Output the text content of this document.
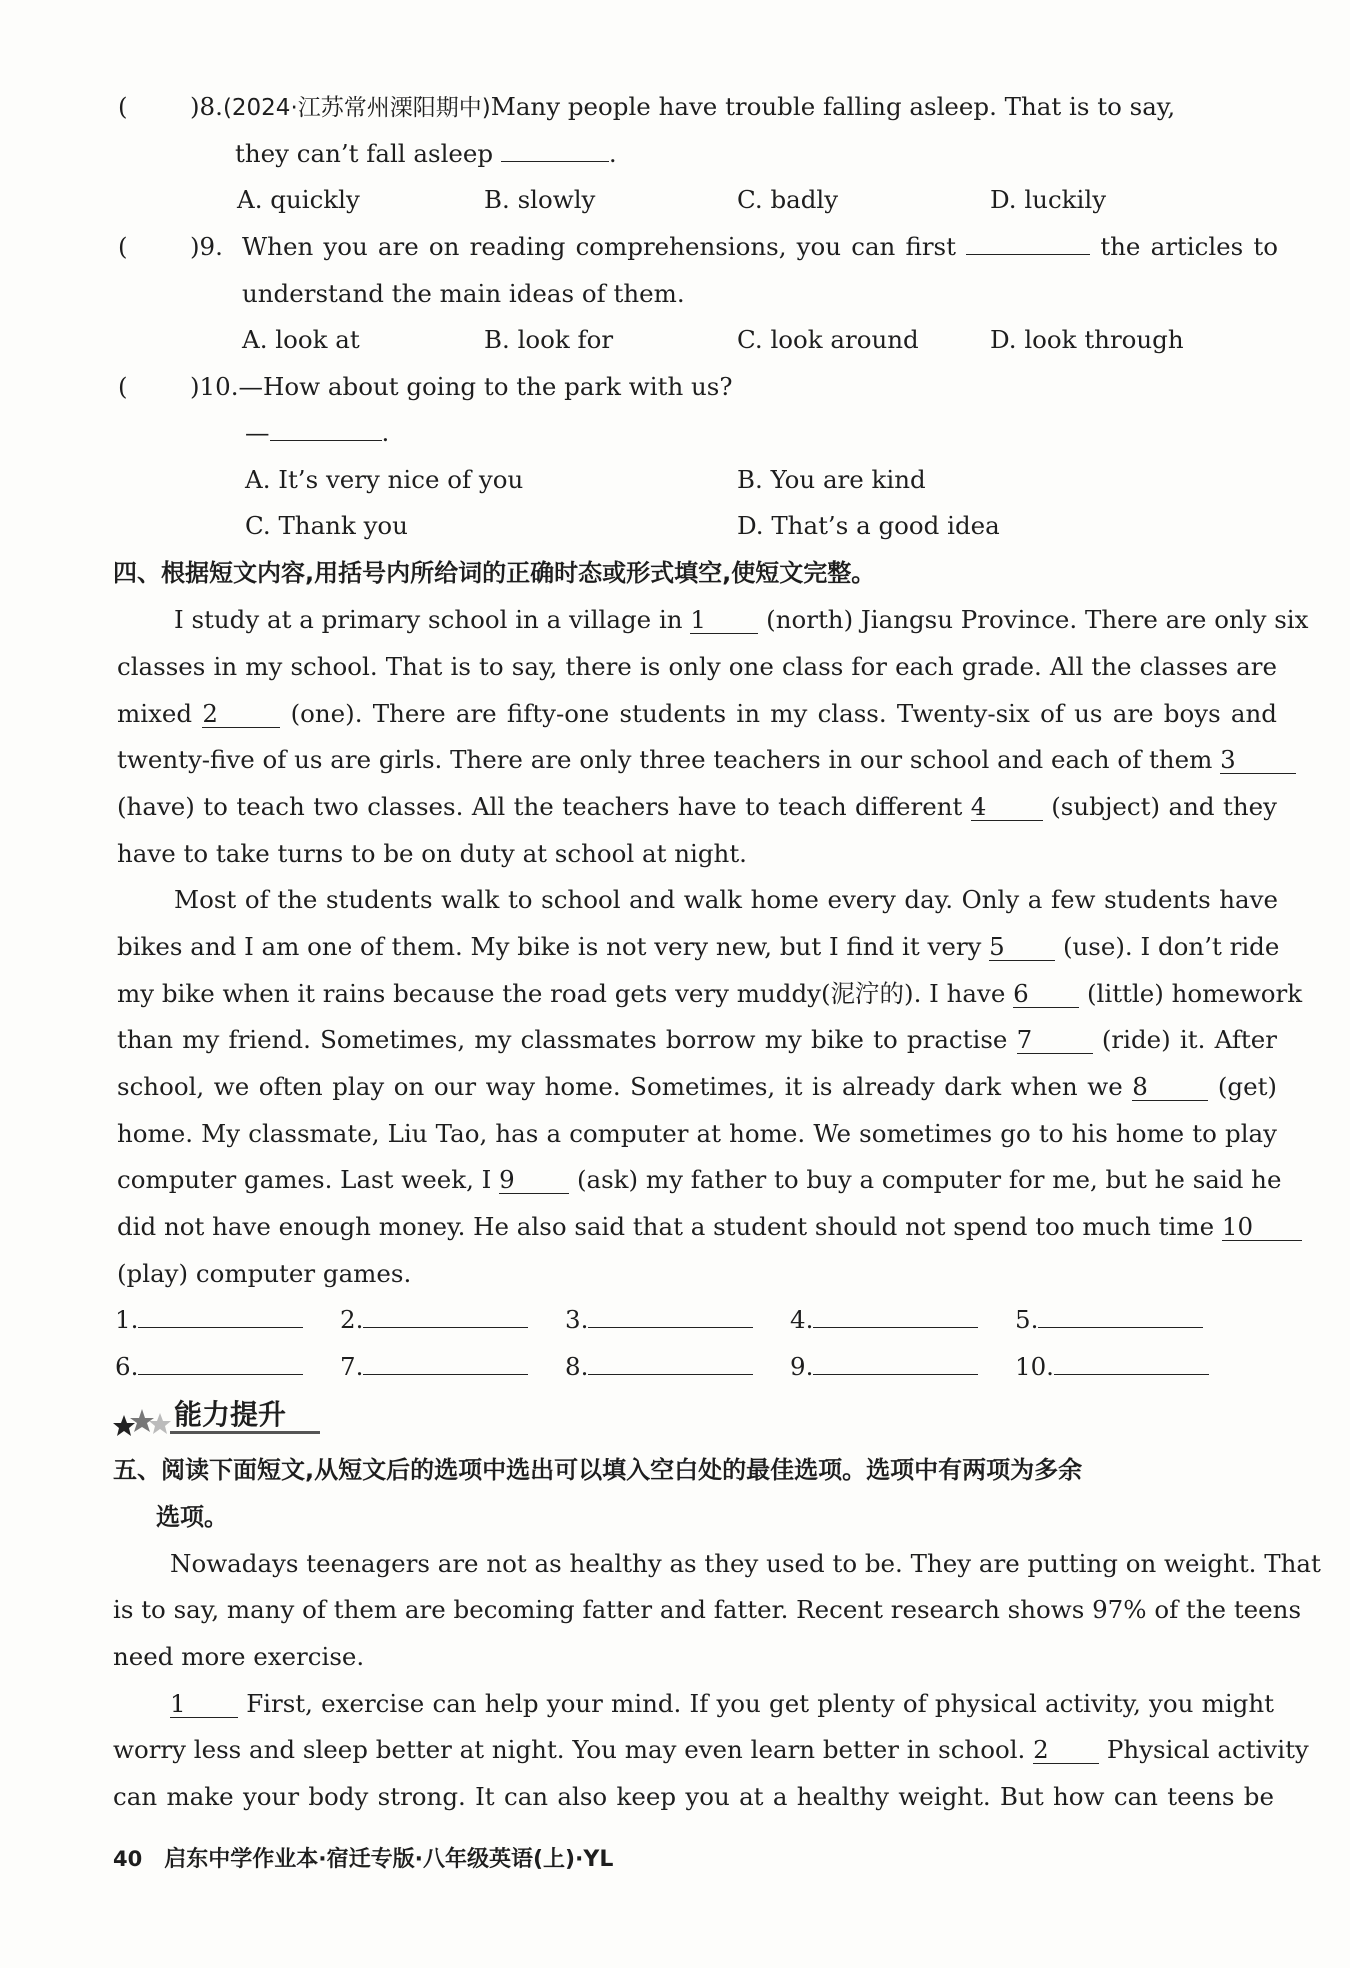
(	)8.(2024·江苏常州溧阳期中)Many people have trouble falling asleep. That is to say,
they can’t fall asleep	.
A. quickly	B. slowly	C. badly	D. luckily
(	)9. When you are on reading comprehensions, you can first	the articles to
understand the main ideas of them.
A. look at	B. look for	C. look around	D. look through
(	)10.—How about going to the park with us?
—	.
A. It’s very nice of you	B. You are kind
C. Thank you	D. That’s a good idea
四、根据短文内容,用括号内所给词的正确时态或形式填空,使短文完整。
I study at a primary school in a village in 1 (north) Jiangsu Province. There are only six
classes in my school. That is to say, there is only one class for each grade. All the classes are
mixed 2	(one). There are fifty-one students in my class. Twenty-six of us are boys and
twenty-five of us are girls. There are only three teachers in our school and each of them 3
(have) to teach two classes. All the teachers have to teach different 4	(subject) and they
have to take turns to be on duty at school at night.
Most of the students walk to school and walk home every day. Only a few students have
bikes and I am one of them. My bike is not very new, but I find it very 5 (use). I don’t ride
my bike when it rains because the road gets very muddy(泥泞的). I have 6 (little) homework
than my friend. Sometimes, my classmates borrow my bike to practise 7	(ride) it. After
school, we often play on our way home. Sometimes, it is already dark when we 8	(get)
home. My classmate, Liu Tao, has a computer at home. We sometimes go to his home to play
computer games. Last week, I 9	(ask) my father to buy a computer for me, but he said he
did not have enough money. He also said that a student should not spend too much time 10
(play) computer games.
1.	2.	3.	4.	5.
6.	7.	8.	9.	10.
能力提升
五、阅读下面短文,从短文后的选项中选出可以填入空白处的最佳选项。选项中有两项为多余
选项。
Nowadays teenagers are not as healthy as they used to be. They are putting on weight. That
is to say, many of them are becoming fatter and fatter. Recent research shows 97% of the teens
need more exercise.
1 First, exercise can help your mind. If you get plenty of physical activity, you might
worry less and sleep better at night. You may even learn better in school. 2 Physical activity
can make your body strong. It can also keep you at a healthy weight. But how can teens be
40 启东中学作业本·宿迁专版·八年级英语(上)·YL
